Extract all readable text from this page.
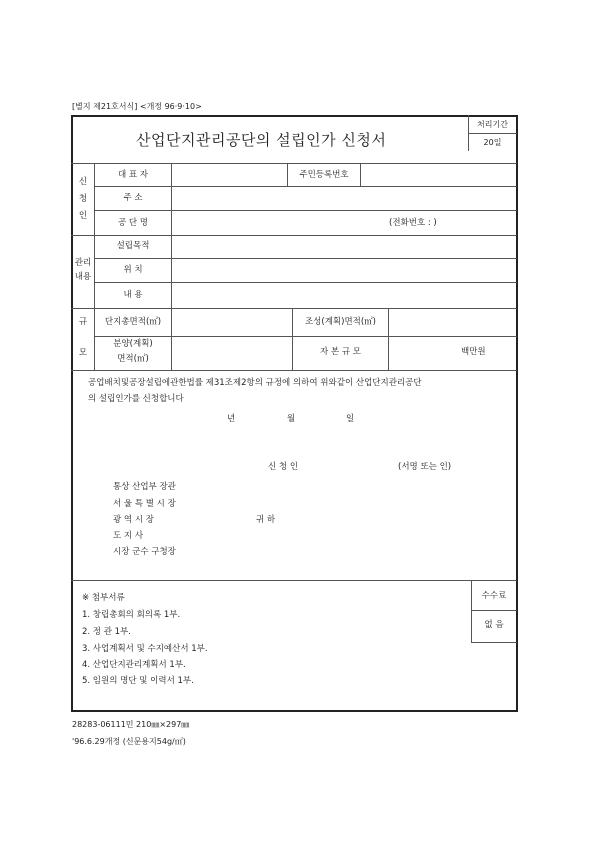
[별지 제21호서식] <개정 96·9·10>
산업단지관리공단의 설립인가 신청서
처리기간
20일
신
청
인
대 표 자	주민등록번호
주 소
공 단 명	(전화번호 : )
관리
내용
설립목적
위 치
내 용
규
모
단지총면적(㎡)	조성(계획)면적(㎡)
분양(계획)
면적(㎡)
자 본 규 모	백만원
공업배치및공장설립에관한법률 제31조제2항의 규정에 의하여 위와같이 산업단지관리공단
의 설립인가를 신청합니다
년	월	일
신 청 인	(서명 또는 인)
통상 산업부 장관
서 울 특 별 시 장
광 역 시 장	귀 하
도 지 사
시장 군수 구청장
수수료
없 음
※ 첨부서류
1. 창립총회의 회의록 1부.
2. 정 관 1부.
3. 사업계획서 및 수지예산서 1부.
4. 산업단지관리계획서 1부.
5. 임원의 명단 및 이력서 1부.
28283-06111민 210㎜×297㎜
'96.6.29개정 (신문용지54g/㎡)
